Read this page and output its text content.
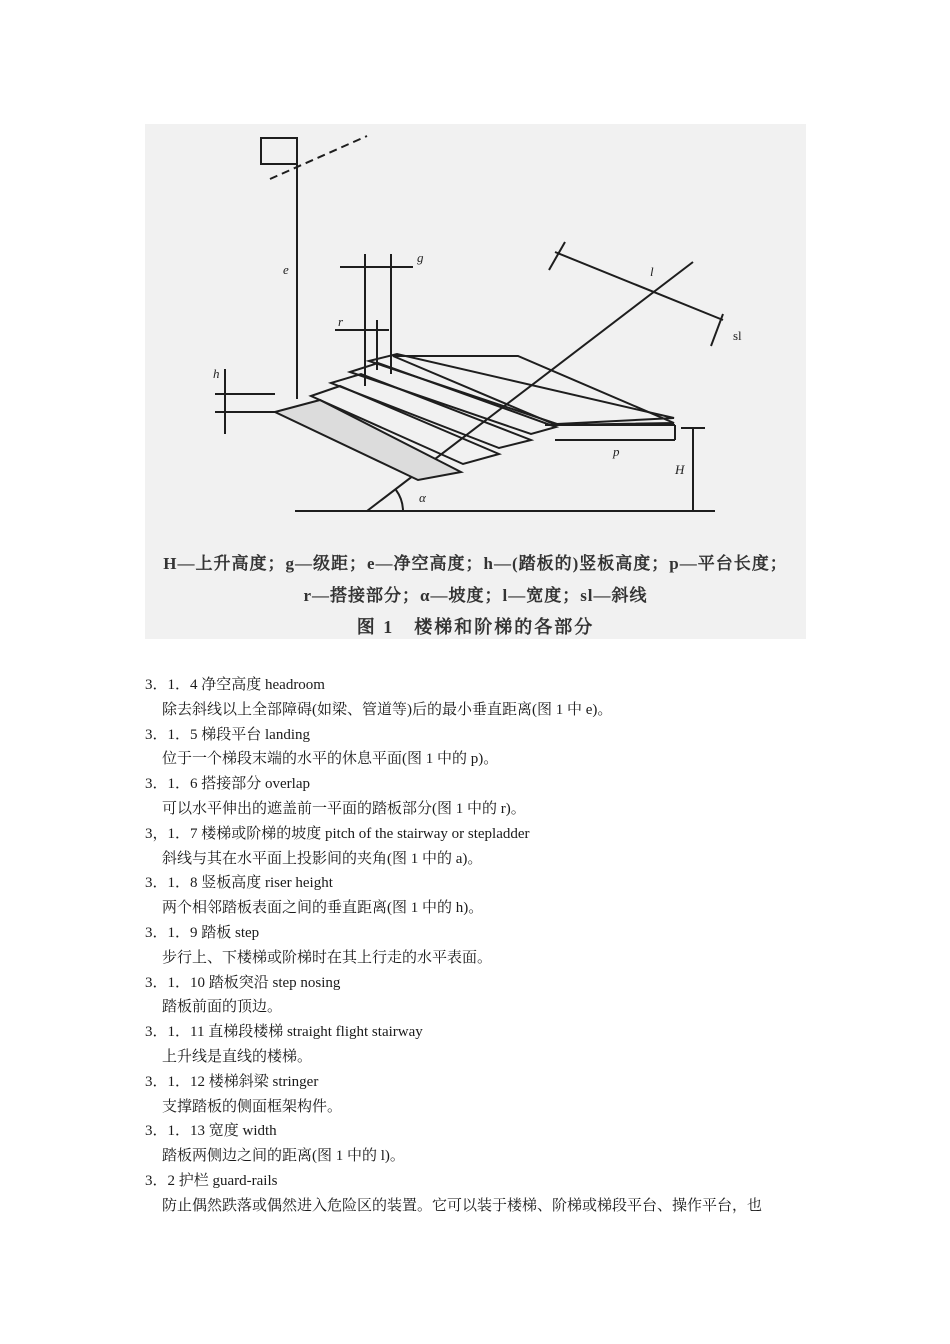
e
g
r
l
sl
h
p
H
α
H—上升高度；g—级距；e—净空高度；h—(踏板的)竖板高度；p—平台长度；
r—搭接部分；α—坡度；l—宽度；sl—斜线
图 1　楼梯和阶梯的各部分
3．1．4 净空高度 headroom
除去斜线以上全部障碍(如梁、管道等)后的最小垂直距离(图 1 中 e)。
3．1．5 梯段平台 landing
位于一个梯段末端的水平的休息平面(图 1 中的 p)。
3．1．6 搭接部分 overlap
可以水平伸出的遮盖前一平面的踏板部分(图 1 中的 r)。
3，1．7 楼梯或阶梯的坡度 pitch of the stairway or stepladder
斜线与其在水平面上投影间的夹角(图 1 中的 a)。
3．1．8 竖板高度 riser height
两个相邻踏板表面之间的垂直距离(图 1 中的 h)。
3．1．9 踏板 step
步行上、下楼梯或阶梯时在其上行走的水平表面。
3．1．10 踏板突沿 step nosing
踏板前面的顶边。
3．1．11 直梯段楼梯 straight flight stairway
上升线是直线的楼梯。
3．1．12 楼梯斜梁 stringer
支撑踏板的侧面框架构件。
3．1．13 宽度 width
踏板两侧边之间的距离(图 1 中的 l)。
3．2 护栏 guard-rails
防止偶然跌落或偶然进入危险区的装置。它可以装于楼梯、阶梯或梯段平台、操作平台，也
